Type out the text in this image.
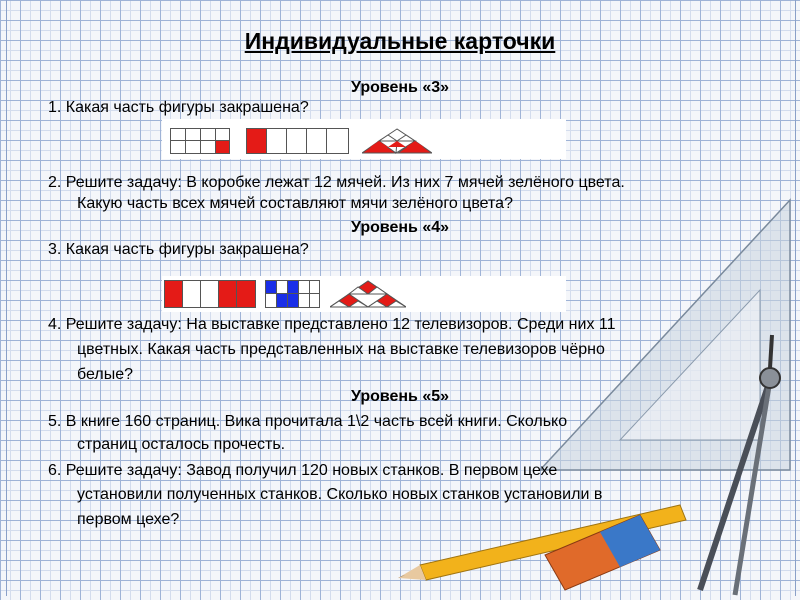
Индивидуальные карточки
Уровень «3»
1. Какая часть фигуры закрашена?
2. Решите задачу: В коробке лежат 12 мячей. Из них 7 мячей зелёного цвета.
Какую часть всех мячей составляют мячи зелёного цвета?
Уровень «4»
3. Какая часть фигуры закрашена?
4. Решите задачу: На выставке представлено 12 телевизоров. Среди них 11
цветных. Какая часть представленных на выставке телевизоров чёрно
белые?
Уровень «5»
5. В книге 160 страниц. Вика прочитала 1\2 часть всей книги. Сколько
страниц осталось прочесть.
6. Решите задачу: Завод получил 120 новых станков. В первом цехе
установили полученных станков. Сколько новых станков установили в
первом цехе?
